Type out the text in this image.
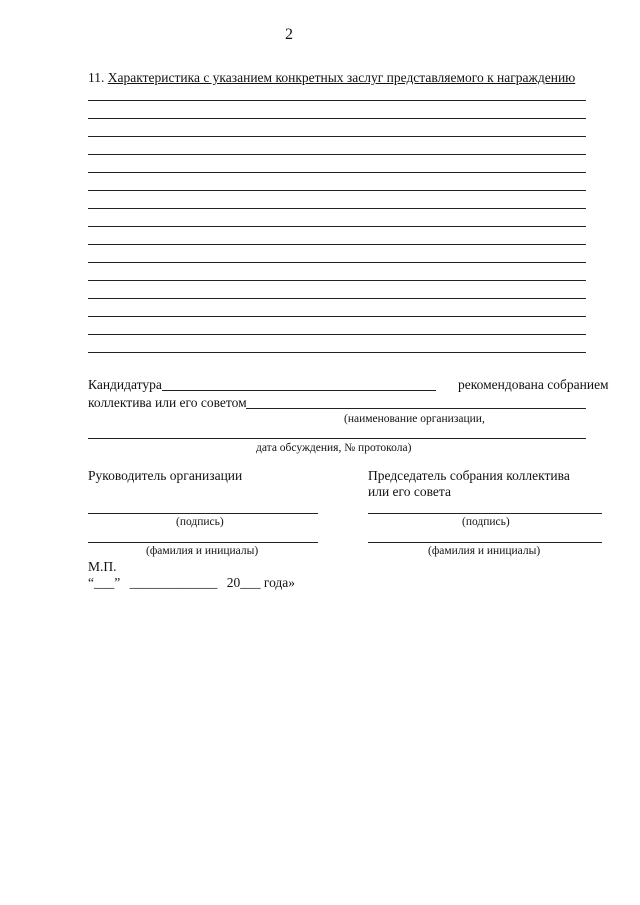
2
11. Характеристика с указанием конкретных заслуг представляемого к награждению
Кандидатура	рекомендована собранием
коллектива или его советом
(наименование организации,
дата обсуждения, № протокола)
Руководитель организации	Председатель собрания коллектива
или его совета
(подпись)
(фамилия и инициалы)
(подпись)
(фамилия и инициалы)
М.П.
“___” _____________ 20___ года»
